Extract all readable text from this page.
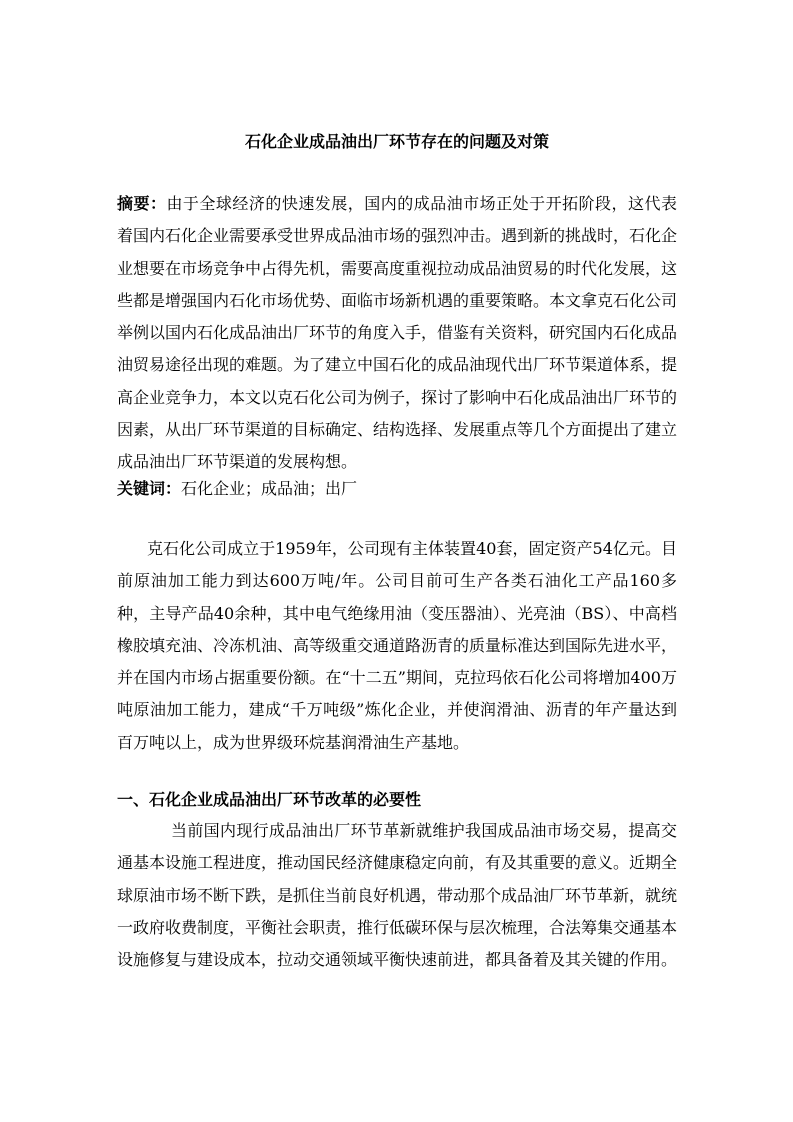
石化企业成品油出厂环节存在的问题及对策

摘要：由于全球经济的快速发展，国内的成品油市场正处于开拓阶段，这代表着国内石化企业需要承受世界成品油市场的强烈冲击。遇到新的挑战时，石化企业想要在市场竞争中占得先机，需要高度重视拉动成品油贸易的时代化发展，这些都是增强国内石化市场优势、面临市场新机遇的重要策略。本文拿克石化公司举例以国内石化成品油出厂环节的角度入手，借鉴有关资料，研究国内石化成品油贸易途径出现的难题。为了建立中国石化的成品油现代出厂环节渠道体系，提高企业竞争力，本文以克石化公司为例子，探讨了影响中石化成品油出厂环节的因素，从出厂环节渠道的目标确定、结构选择、发展重点等几个方面提出了建立成品油出厂环节渠道的发展构想。

关键词：石化企业；成品油；出厂

克石化公司成立于1959年，公司现有主体装置40套，固定资产54亿元。目前原油加工能力到达600万吨/年。公司目前可生产各类石油化工产品160多种，主导产品40余种，其中电气绝缘用油（变压器油）、光亮油（BS）、中高档橡胶填充油、冷冻机油、高等级重交通道路沥青的质量标准达到国际先进水平，并在国内市场占据重要份额。在“十二五”期间，克拉玛依石化公司将增加400万吨原油加工能力，建成“千万吨级”炼化企业，并使润滑油、沥青的年产量达到百万吨以上，成为世界级环烷基润滑油生产基地。

一、石化企业成品油出厂环节改革的必要性

当前国内现行成品油出厂环节革新就维护我国成品油市场交易，提高交通基本设施工程进度，推动国民经济健康稳定向前，有及其重要的意义。近期全球原油市场不断下跌，是抓住当前良好机遇，带动那个成品油厂环节革新，就统一政府收费制度，平衡社会职责，推行低碳环保与层次梳理，合法筹集交通基本设施修复与建设成本，拉动交通领域平衡快速前进，都具备着及其关键的作用。
